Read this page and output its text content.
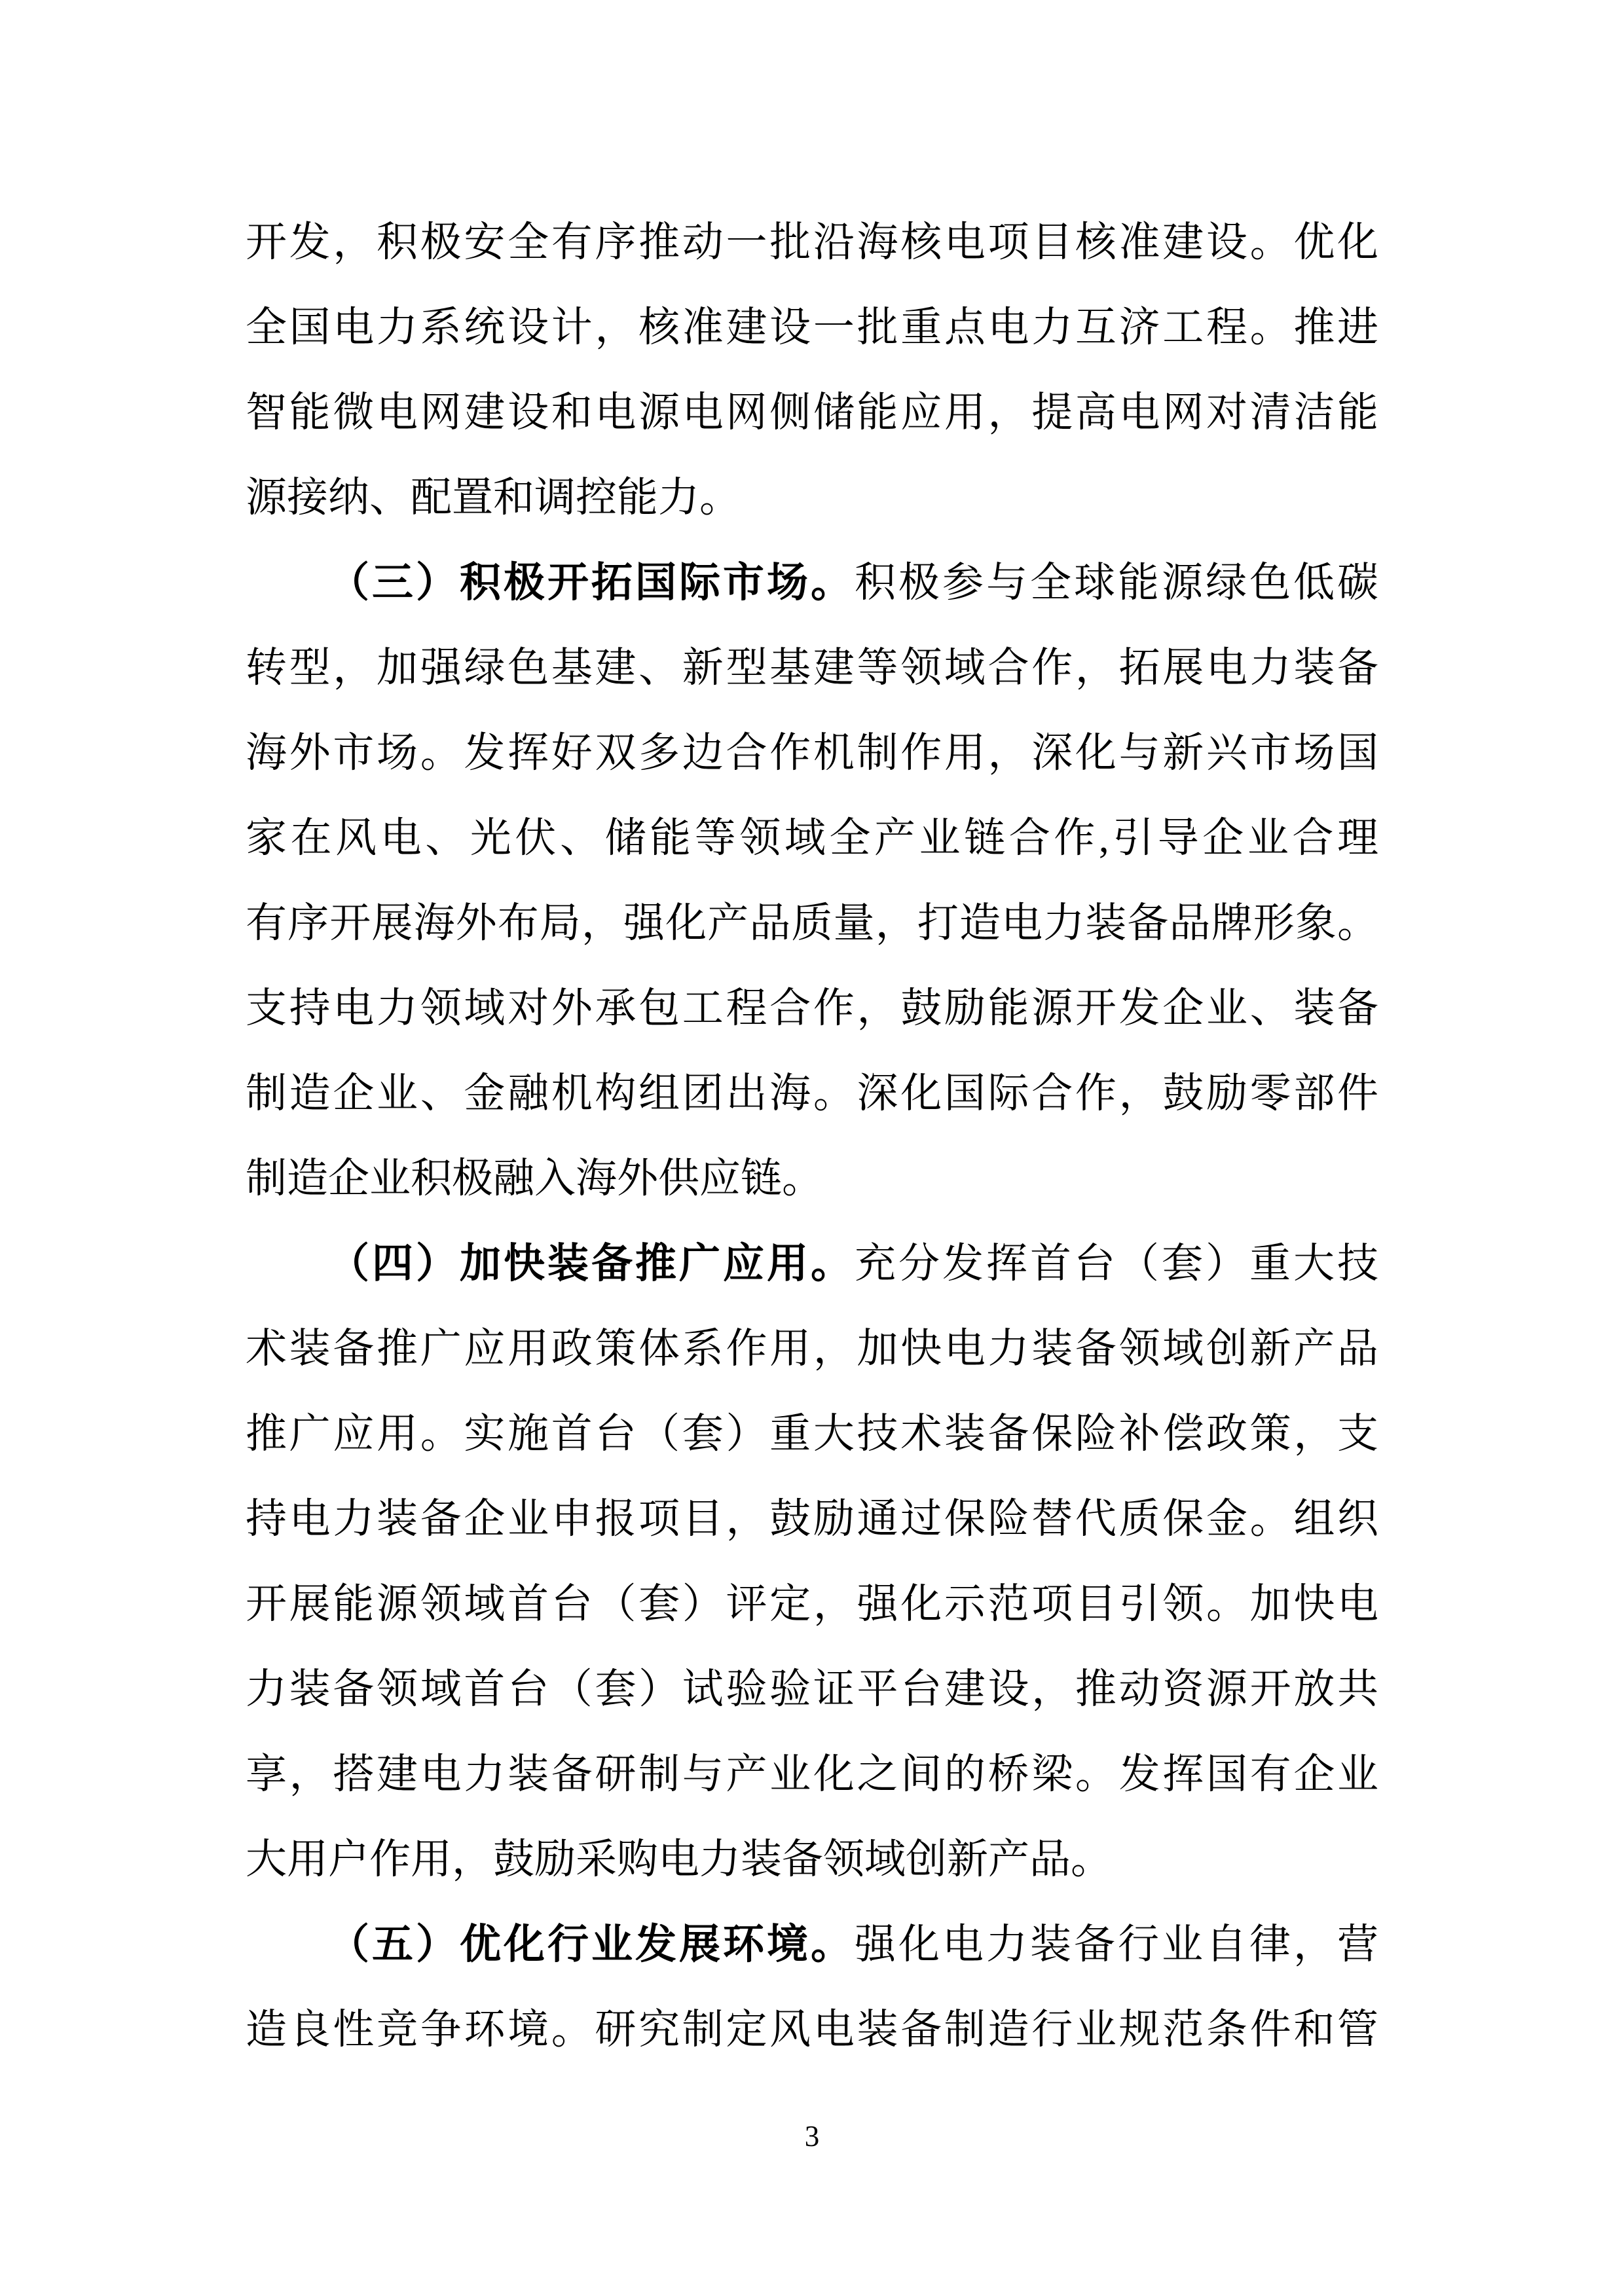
开发，积极安全有序推动一批沿海核电项目核准建设。优化
全国电力系统设计，核准建设一批重点电力互济工程。推进
智能微电网建设和电源电网侧储能应用，提高电网对清洁能
源接纳、配置和调控能力。
（三）积极开拓国际市场。积极参与全球能源绿色低碳
转型，加强绿色基建、新型基建等领域合作，拓展电力装备
海外市场。发挥好双多边合作机制作用，深化与新兴市场国
家在风电、光伏、储能等领域全产业链合作,引导企业合理
有序开展海外布局，强化产品质量，打造电力装备品牌形象。
支持电力领域对外承包工程合作，鼓励能源开发企业、装备
制造企业、金融机构组团出海。深化国际合作，鼓励零部件
制造企业积极融入海外供应链。
（四）加快装备推广应用。充分发挥首台（套）重大技
术装备推广应用政策体系作用，加快电力装备领域创新产品
推广应用。实施首台（套）重大技术装备保险补偿政策，支
持电力装备企业申报项目，鼓励通过保险替代质保金。组织
开展能源领域首台（套）评定，强化示范项目引领。加快电
力装备领域首台（套）试验验证平台建设，推动资源开放共
享，搭建电力装备研制与产业化之间的桥梁。发挥国有企业
大用户作用，鼓励采购电力装备领域创新产品。
（五）优化行业发展环境。强化电力装备行业自律，营
造良性竞争环境。研究制定风电装备制造行业规范条件和管
3
